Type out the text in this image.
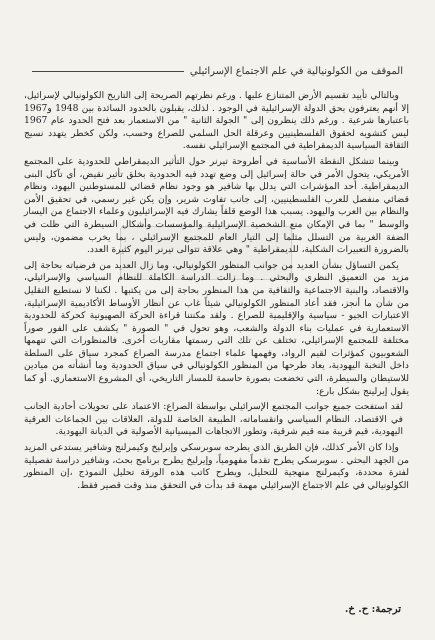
الموقف من الكولونيالية في علم الاجتماع الإسرائيلي

وبالتالي تأييد تقسيم الأرض المتنازع عليها . ورغم نظرتهم الصريحة إلى التاريخ الكولونيالي لإسرائيل، إلا أنهم يعترفون بحق الدولة الإسرائيلية في الوجود . لذلك، يقبلون بالحدود السائدة بين 1948 و1967 باعتبارها شرعية . ورغم ذلك ينظرون إلى " الجولة الثانية " من الاستعمار بعد فتح الحدود عام 1967 ليس كتشويه لحقوق الفلسطينيين وعرقلة الحل السلمي للصراع وحسب، ولكن كخطر يتهدد نسيج الثقافة السياسية الديمقراطية في المجتمع الإسرائيلي نفسه.

وبينما تتشكل النقطة الأساسية في أطروحة تيرنر حول التأثير الديمقراطي للحدودية على المجتمع الأمريكي، يتحول الأمر في حالة إسرائيل إلى وضع تهدد فيه الحدودية بخلق تأثير نقيض، أي تآكل البنى الديمقراطية. أحد المؤشرات التي يدلل بها شافير هو وجود نظام قضائي للمستوطنين اليهود، ونظام قضائي منفصل للعرب الفلسطينيين، إلى جانب تفاوت شرير، وإن يكن غير رسمي، في تحقيق الأمن والنظام بين العرب واليهود. يسبب هذا الوضع قلقاً يشارك فيه الإسرائيليون وعلماء الاجتماع من اليسار والوسط " بما في الإمكان منع الشخصية الإسرائيلية والمؤسسات وأشكال السيطرة التي ظلت في الضفة الغربية من التسلل مثلما إلى التيار العام للمجتمع الإسرائيلي ، بما يخرب مضمون، وليس بالضرورة التعبيرات الشكلية، للديمقراطية " وهي علاقة تتوالى تيرنر اليوم كثيرة العدد.

يكمن التساؤل بشأن العديد من جوانب المنظور الكولونيالي، وما زال العديد من فرضياته بحاجة إلى مزيد من التعميق النظري والبحثي . وما زالت الدراسة الكاملة للنظام السياسي والإسرائيلي، والاقتصاد، والبنية الاجتماعية والثقافية من هذا المنظور بحاجة إلى من يكتبها . لكننا لا نستطيع التقليل من شأن ما أنجز، فقد أعاد المنظور الكولونيالي شيئاً غاب عن أنظار الأوساط الأكاديمية الإسرائيلية، الاعتبارات الجيو - سياسية والإقليمية للصراع . ولقد مكنتنا قراءة الحركة الصهيونية كحركة للحدودية الاستعمارية في عمليات بناء الدولة والشعب، وهو تحول في " الصورة " يكشف على الفور صوراً مختلفة للمجتمع الإسرائيلي، تختلف عن تلك التي رسمتها مقاربات أخرى. فالمنظورات التي تنهمها الشعوبيون كمؤثرات لقيم الرواد، وفهمها علماء اجتماع مدرسة الصراع كمجرد سياق على السلطة داخل النخبة اليهودية، يعاد طرحها من المنظور الكولونيالي في سياق الحدودية وما أنشأته من ميادين للاستيطان والسيطرة، التي تخضعت بصورة حاسمة للمسار التاريخي، أي المشروع الاستعماري. أو كما يقول إيرلينج بشكل بارع:

لقد استفحت جميع جوانب المجتمع الإسرائيلي بواسطة الصراع: الاعتماد على تحويلات أحادية الجانب في الاقتصاد، النظام السياسي وانقساماته، الطبيعة الخاصة للدولة، العلاقات بين الجماعات العرقية اليهودية، قيم قريبة منه قيم شرقية، وتطور الاتجاهات الميسيانية الأصولية في الديانة اليهودية.

وإذا كان الأمر كذلك، فإن الطريق الذي يطرحه سوبرسكي وإيرليخ وكيمرلنج وشافير يستدعي المزيد من الجهد البحثي . سوبرسكي يطرح تقدماً مفهومياً، وإيرليخ يطرح برنامج بحث، وشافير دراسة تفصيلية لفترة محددة، وكيمرلنج منهجية للتحليل، ويطرح كاتب هذه الورقة تحليل النموذج ،إن المنظور الكولونيالي في علم الاجتماع الإسرائيلي مهمة قد بدأت في التحقق منذ وقت قصير فقط.

ترجمة: ح. خ.
